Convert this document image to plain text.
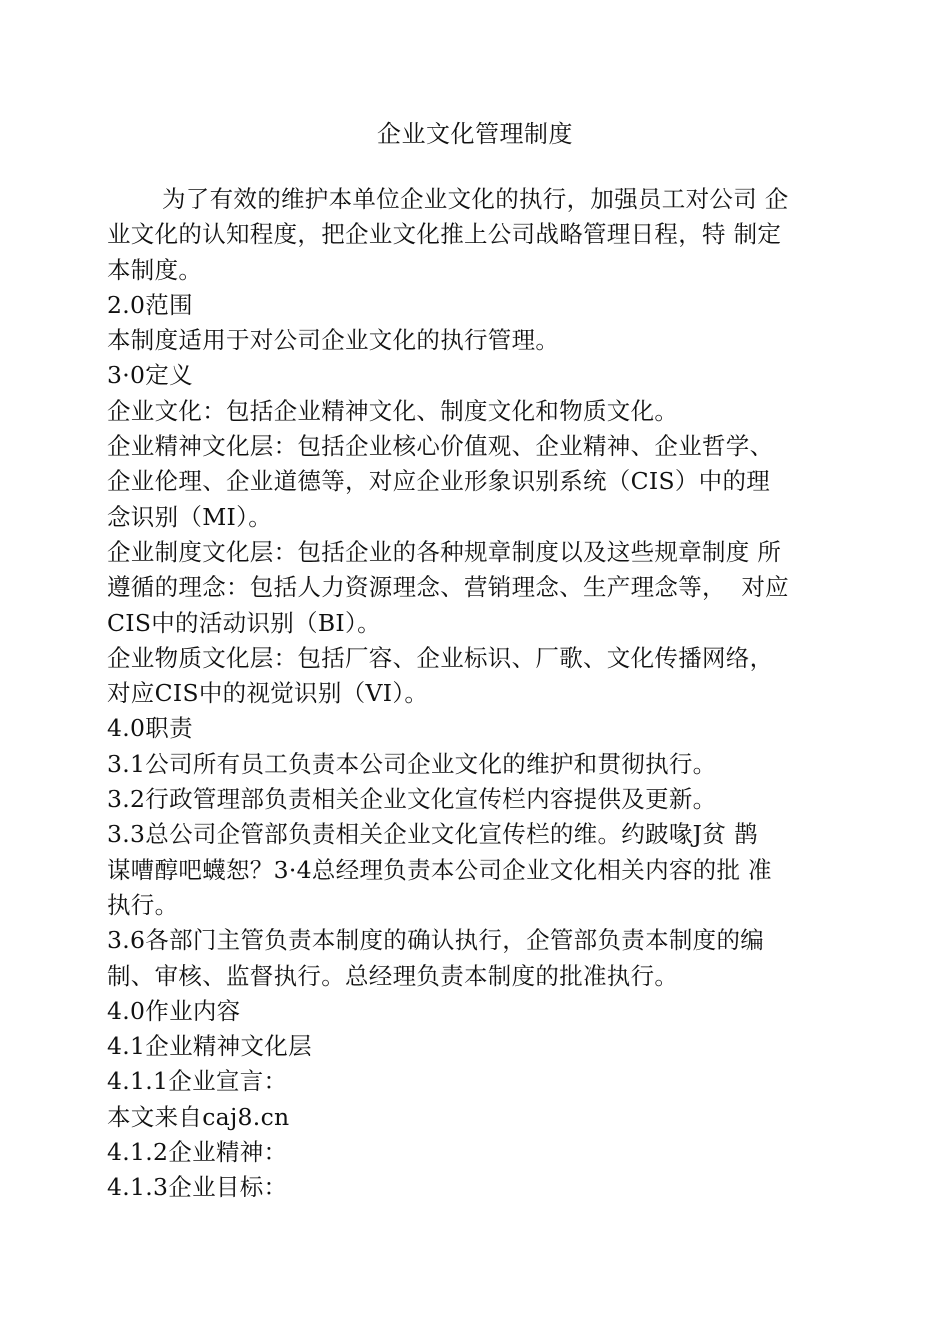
企业文化管理制度
为了有效的维护本单位企业文化的执行，加强员工对公司 企
业文化的认知程度，把企业文化推上公司战略管理日程，特 制定
本制度。
2.0范围
本制度适用于对公司企业文化的执行管理。
3·0定义
企业文化：包括企业精神文化、制度文化和物质文化。
企业精神文化层：包括企业核心价值观、企业精神、企业哲学、
企业伦理、企业道德等，对应企业形象识别系统（CIS）中的理
念识别（MI）。
企业制度文化层：包括企业的各种规章制度以及这些规章制度 所
遵循的理念：包括人力资源理念、营销理念、生产理念等，  对应
CIS中的活动识别（BI）。
企业物质文化层：包括厂容、企业标识、厂歌、文化传播网络，
对应CIS中的视觉识别（VI）。
4.0职责
3.1公司所有员工负责本公司企业文化的维护和贯彻执行。
3.2行政管理部负责相关企业文化宣传栏内容提供及更新。
3.3总公司企管部负责相关企业文化宣传栏的维。约跛喙J贫 鹊
谋嘈醇吧蠛恕？3·4总经理负责本公司企业文化相关内容的批 准
执行。
3.6各部门主管负责本制度的确认执行，企管部负责本制度的编
制、审核、监督执行。总经理负责本制度的批准执行。
4.0作业内容
4.1企业精神文化层
4.1.1企业宣言：
本文来自caj8.cn
4.1.2企业精神：
4.1.3企业目标：
